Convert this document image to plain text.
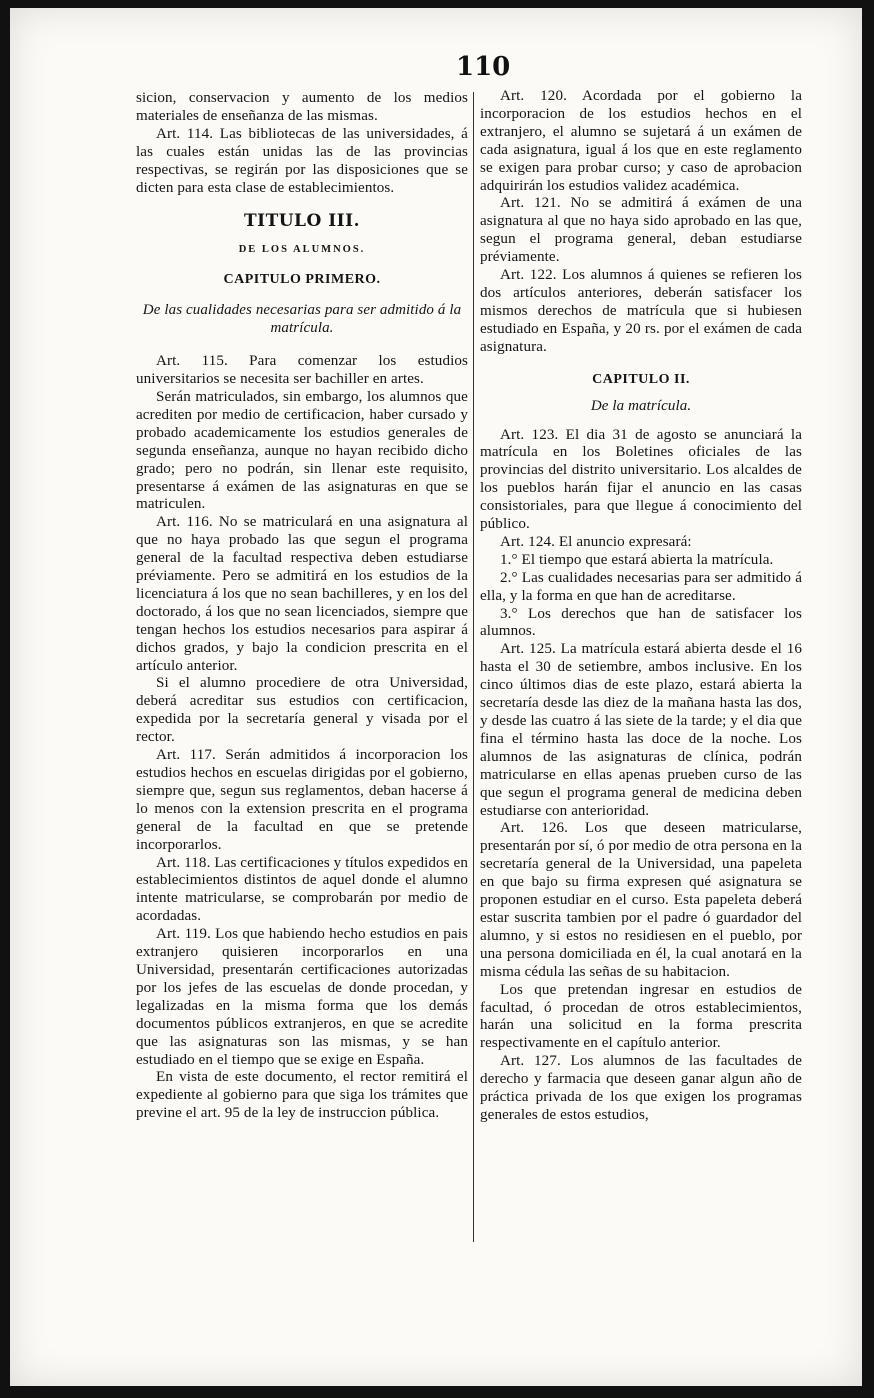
110

sicion, conservacion y aumento de los medios materiales de enseñanza de las mismas.

Art. 114. Las bibliotecas de las universidades, á las cuales están unidas las de las provincias respectivas, se regirán por las disposiciones que se dicten para esta clase de establecimientos.

TITULO III.
DE LOS ALUMNOS.
CAPITULO PRIMERO.
De las cualidades necesarias para ser admitido á la matrícula.

Art. 115. Para comenzar los estudios universitarios se necesita ser bachiller en artes.

Serán matriculados, sin embargo, los alumnos que acrediten por medio de certificacion, haber cursado y probado academicamente los estudios generales de segunda enseñanza, aunque no hayan recibido dicho grado; pero no podrán, sin llenar este requisito, presentarse á exámen de las asignaturas en que se matriculen.

Art. 116. No se matriculará en una asignatura al que no haya probado las que segun el programa general de la facultad respectiva deben estudiarse préviamente. Pero se admitirá en los estudios de la licenciatura á los que no sean bachilleres, y en los del doctorado, á los que no sean licenciados, siempre que tengan hechos los estudios necesarios para aspirar á dichos grados, y bajo la condicion prescrita en el artículo anterior.

Si el alumno procediere de otra Universidad, deberá acreditar sus estudios con certificacion, expedida por la secretaría general y visada por el rector.

Art. 117. Serán admitidos á incorporacion los estudios hechos en escuelas dirigidas por el gobierno, siempre que, segun sus reglamentos, deban hacerse á lo menos con la extension prescrita en el programa general de la facultad en que se pretende incorporarlos.

Art. 118. Las certificaciones y títulos expedidos en establecimientos distintos de aquel donde el alumno intente matricularse, se comprobarán por medio de acordadas.

Art. 119. Los que habiendo hecho estudios en pais extranjero quisieren incorporarlos en una Universidad, presentarán certificaciones autorizadas por los jefes de las escuelas de donde procedan, y legalizadas en la misma forma que los demás documentos públicos extranjeros, en que se acredite que las asignaturas son las mismas, y se han estudiado en el tiempo que se exige en España.

En vista de este documento, el rector remitirá el expediente al gobierno para que siga los trámites que previne el art. 95 de la ley de instruccion pública.

Art. 120. Acordada por el gobierno la incorporacion de los estudios hechos en el extranjero, el alumno se sujetará á un exámen de cada asignatura, igual á los que en este reglamento se exigen para probar curso; y caso de aprobacion adquirirán los estudios validez académica.

Art. 121. No se admitirá á exámen de una asignatura al que no haya sido aprobado en las que, segun el programa general, deban estudiarse préviamente.

Art. 122. Los alumnos á quienes se refieren los dos artículos anteriores, deberán satisfacer los mismos derechos de matrícula que si hubiesen estudiado en España, y 20 rs. por el exámen de cada asignatura.

CAPITULO II.
De la matrícula.

Art. 123. El dia 31 de agosto se anunciará la matrícula en los Boletines oficiales de las provincias del distrito universitario. Los alcaldes de los pueblos harán fijar el anuncio en las casas consistoriales, para que llegue á conocimiento del público.

Art. 124. El anuncio expresará:

1.° El tiempo que estará abierta la matrícula.

2.° Las cualidades necesarias para ser admitido á ella, y la forma en que han de acreditarse.

3.° Los derechos que han de satisfacer los alumnos.

Art. 125. La matrícula estará abierta desde el 16 hasta el 30 de setiembre, ambos inclusive. En los cinco últimos dias de este plazo, estará abierta la secretaría desde las diez de la mañana hasta las dos, y desde las cuatro á las siete de la tarde; y el dia que fina el término hasta las doce de la noche. Los alumnos de las asignaturas de clínica, podrán matricularse en ellas apenas prueben curso de las que segun el programa general de medicina deben estudiarse con anterioridad.

Art. 126. Los que deseen matricularse, presentarán por sí, ó por medio de otra persona en la secretaría general de la Universidad, una papeleta en que bajo su firma expresen qué asignatura se proponen estudiar en el curso. Esta papeleta deberá estar suscrita tambien por el padre ó guardador del alumno, y si estos no residiesen en el pueblo, por una persona domiciliada en él, la cual anotará en la misma cédula las señas de su habitacion.

Los que pretendan ingresar en estudios de facultad, ó procedan de otros establecimientos, harán una solicitud en la forma prescrita respectivamente en el capítulo anterior.

Art. 127. Los alumnos de las facultades de derecho y farmacia que deseen ganar algun año de práctica privada de los que exigen los programas generales de estos estudios,
